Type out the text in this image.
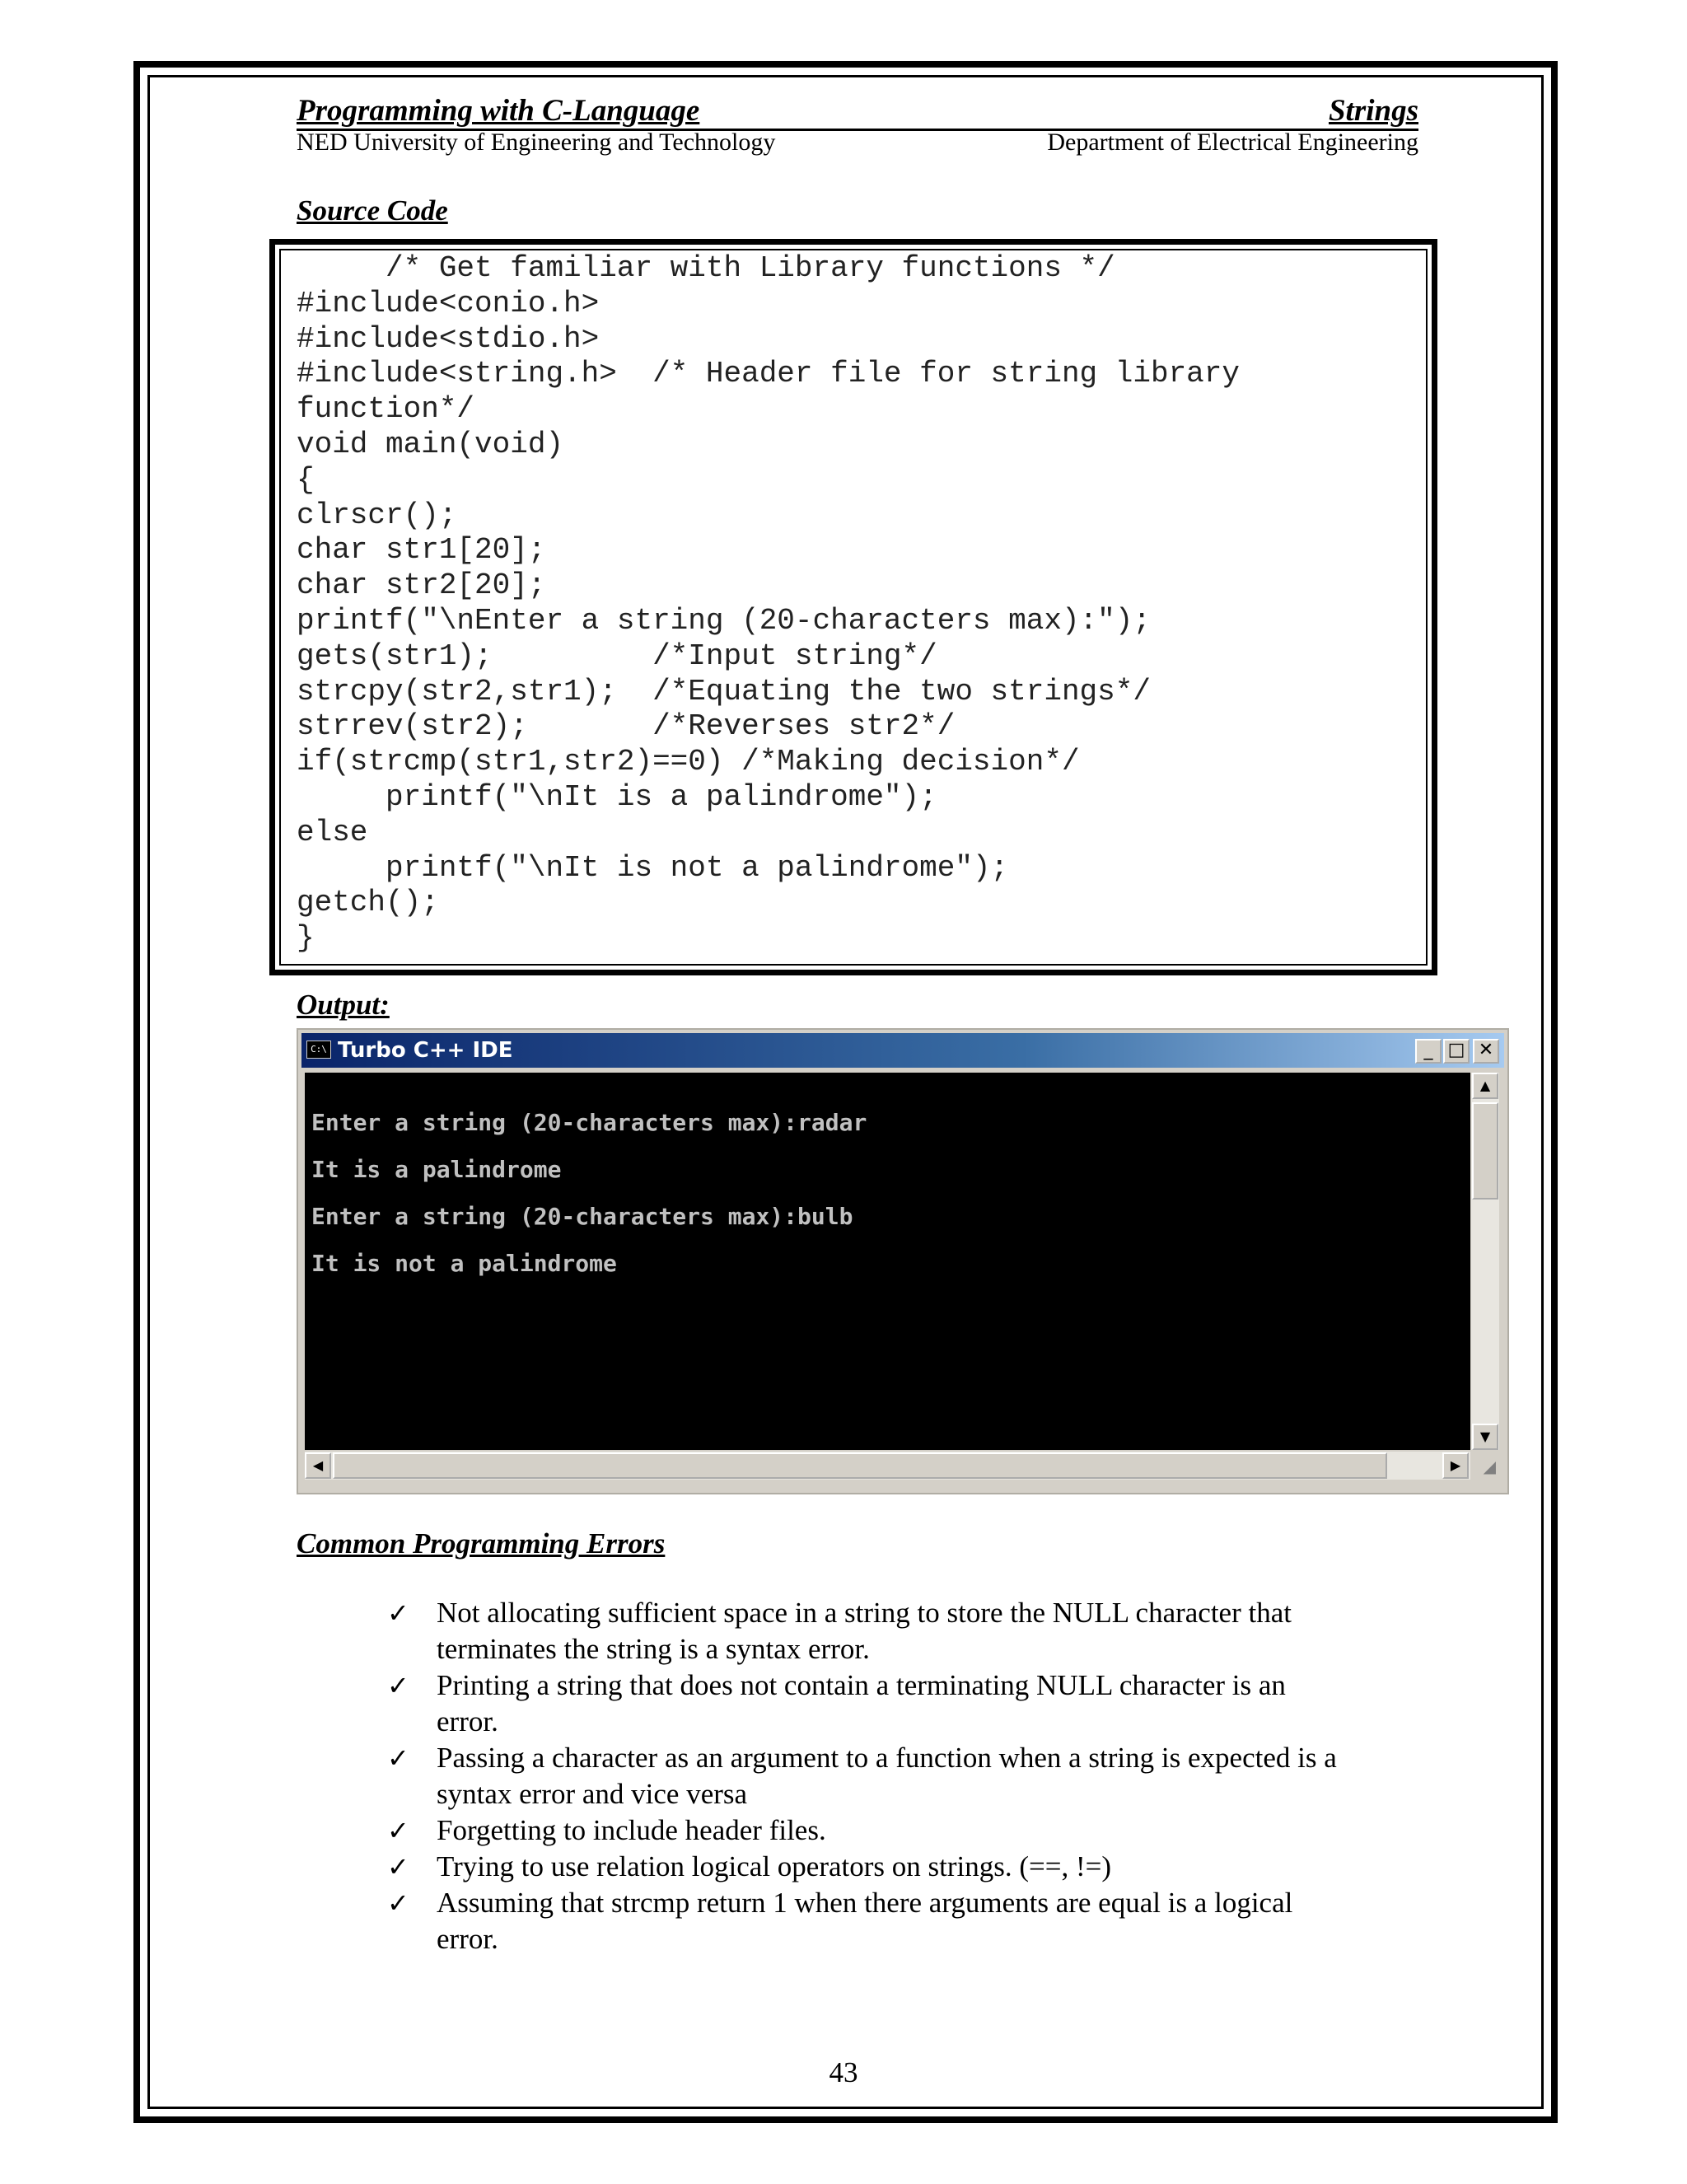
Programming with C-Language	Strings
NED University of Engineering and Technology	Department of Electrical Engineering
Source Code
/* Get familiar with Library functions */
#include<conio.h>
#include<stdio.h>
#include<string.h>  /* Header file for string library
function*/
void main(void)
{
clrscr();
char str1[20];
char str2[20];
printf("\nEnter a string (20-characters max):");
gets(str1);         /*Input string*/
strcpy(str2,str1);  /*Equating the two strings*/
strrev(str2);       /*Reverses str2*/
if(strcmp(str1,str2)==0) /*Making decision*/
printf("\nIt is a palindrome");
else
printf("\nIt is not a palindrome");
getch();
}
Output:
C:\ Turbo C++ IDE	_ □ ✕
Enter a string (20-characters max):radar
It is a palindrome
Enter a string (20-characters max):bulb
It is not a palindrome
▲
▼
◀	▶	◢
Common Programming Errors
✓ Not allocating sufficient space in a string to store the NULL character that
terminates the string is a syntax error.
✓ Printing a string that does not contain a terminating NULL character is an
error.
✓ Passing a character as an argument to a function when a string is expected is a
syntax error and vice versa
✓ Forgetting to include header files.
✓ Trying to use relation logical operators on strings. (==, !=)
✓ Assuming that strcmp return 1 when there arguments are equal is a logical
error.
43
